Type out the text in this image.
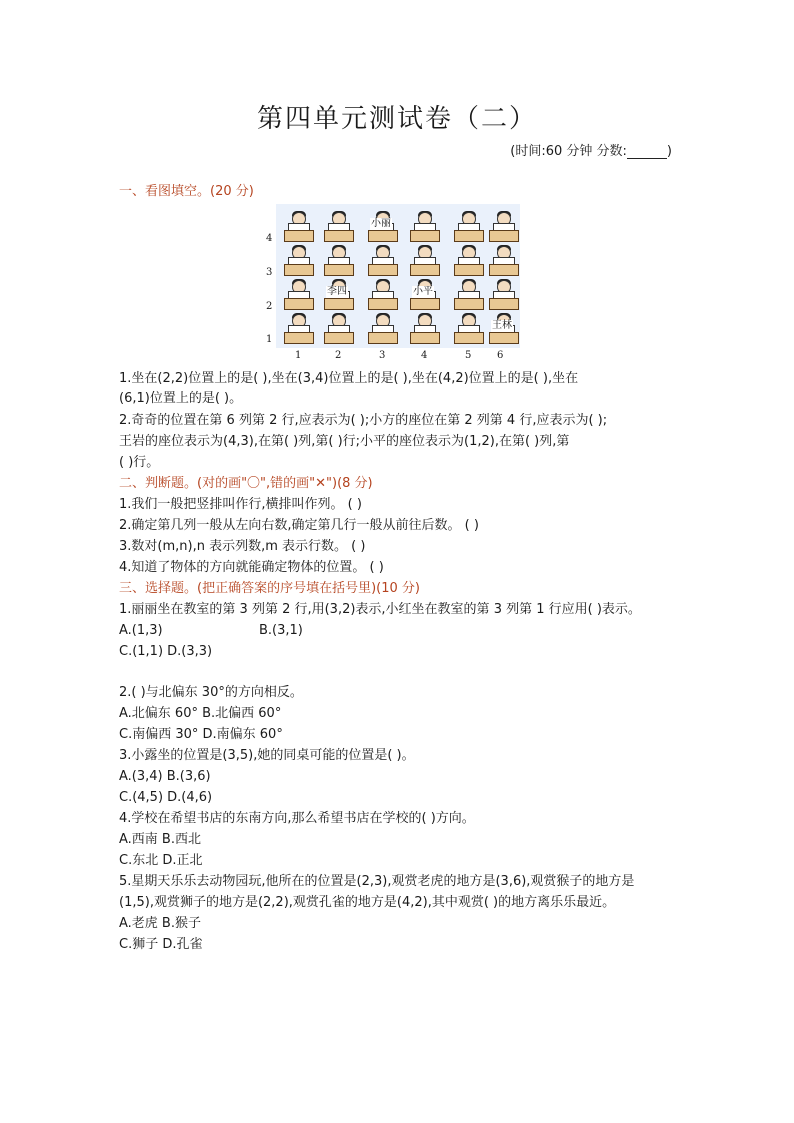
第四单元测试卷（二）
(时间:60 分钟 分数:	)
一、看图填空。(20 分)
4
3
2
1
1	2	3	4	5	6
小丽
李四	小平
王林
1.坐在(2,2)位置上的是( ),坐在(3,4)位置上的是( ),坐在(4,2)位置上的是( ),坐在
(6,1)位置上的是( )。
2.奇奇的位置在第 6 列第 2 行,应表示为( );小方的座位在第 2 列第 4 行,应表示为( );
王岩的座位表示为(4,3),在第( )列,第( )行;小平的座位表示为(1,2),在第( )列,第
( )行。
二、判断题。(对的画"〇",错的画"✕")(8 分)
1.我们一般把竖排叫作行,横排叫作列。 ( )
2.确定第几列一般从左向右数,确定第几行一般从前往后数。 ( )
3.数对(m,n),n 表示列数,m 表示行数。 ( )
4.知道了物体的方向就能确定物体的位置。 ( )
三、选择题。(把正确答案的序号填在括号里)(10 分)
1.丽丽坐在教室的第 3 列第 2 行,用(3,2)表示,小红坐在教室的第 3 列第 1 行应用( )表示。
A.(1,3)	B.(3,1)
C.(1,1) D.(3,3)
2.( )与北偏东 30°的方向相反。
A.北偏东 60° B.北偏西 60°
C.南偏西 30° D.南偏东 60°
3.小露坐的位置是(3,5),她的同桌可能的位置是( )。
A.(3,4) B.(3,6)
C.(4,5) D.(4,6)
4.学校在希望书店的东南方向,那么希望书店在学校的( )方向。
A.西南 B.西北
C.东北 D.正北
5.星期天乐乐去动物园玩,他所在的位置是(2,3),观赏老虎的地方是(3,6),观赏猴子的地方是
(1,5),观赏狮子的地方是(2,2),观赏孔雀的地方是(4,2),其中观赏( )的地方离乐乐最近。
A.老虎 B.猴子
C.狮子 D.孔雀
